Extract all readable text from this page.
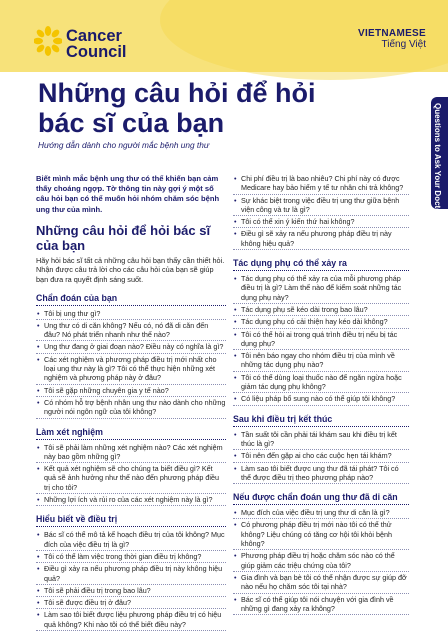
Cancer
Council
VIETNAMESE
Tiếng Việt
Questions to Ask Your Doctor
Những câu hỏi để hỏi bác sĩ của bạn
Hướng dẫn dành cho người mắc bệnh ung thư

Biết mình mắc bệnh ung thư có thể khiến bạn cảm thấy choáng ngợp. Tờ thông tin này gợi ý một số câu hỏi bạn có thể muốn hỏi nhóm chăm sóc bệnh ung thư của mình.

Những câu hỏi để hỏi bác sĩ của bạn

Hãy hỏi bác sĩ tất cả những câu hỏi bạn thấy cần thiết hỏi. Nhận được câu trả lời cho các câu hỏi của bạn sẽ giúp bạn đưa ra quyết định sáng suốt.

Chẩn đoán của bạn
• Tôi bị ung thư gì?
• Ung thư có di căn không? Nếu có, nó đã di căn đến đâu? Nó phát triển nhanh như thế nào?
• Ung thư đang ở giai đoạn nào? Điều này có nghĩa là gì?
• Các xét nghiệm và phương pháp điều trị mới nhất cho loại ung thư này là gì? Tôi có thể thực hiện những xét nghiệm và phương pháp này ở đâu?
• Tôi sẽ gặp những chuyên gia y tế nào?
• Có nhóm hỗ trợ bệnh nhân ung thư nào dành cho những người nói ngôn ngữ của tôi không?
Làm xét nghiệm
• Tôi sẽ phải làm những xét nghiệm nào? Các xét nghiệm này bao gồm những gì?
• Kết quả xét nghiệm sẽ cho chúng ta biết điều gì? Kết quả sẽ ảnh hưởng như thế nào đến phương pháp điều trị cho tôi?
• Những lợi ích và rủi ro của các xét nghiệm này là gì?
Hiểu biết về điều trị
• Bác sĩ có thể mô tả kế hoạch điều trị của tôi không? Mục đích của việc điều trị là gì?
• Tôi có thể làm việc trong thời gian điều trị không?
• Điều gì xảy ra nếu phương pháp điều trị này không hiệu quả?
• Tôi sẽ phải điều trị trong bao lâu?
• Tôi sẽ được điều trị ở đâu?
• Làm sao tôi biết được liệu phương pháp điều trị có hiệu quả không? Khi nào tôi có thể biết điều này?
• Chi phí điều trị là bao nhiêu? Chi phí này có được Medicare hay bảo hiểm y tế tư nhân chi trả không?
• Sự khác biệt trong việc điều trị ung thư giữa bệnh viện công và tư là gì?
• Tôi có thể xin ý kiến thứ hai không?
• Điều gì sẽ xảy ra nếu phương pháp điều trị này không hiệu quả?
Tác dụng phụ có thể xảy ra
• Tác dụng phụ có thể xảy ra của mỗi phương pháp điều trị là gì? Làm thế nào để kiểm soát những tác dụng phụ này?
• Tác dụng phụ sẽ kéo dài trong bao lâu?
• Tác dụng phụ có cải thiện hay kéo dài không?
• Tôi có thể hỏi ai trong quá trình điều trị nếu bị tác dụng phụ?
• Tôi nên báo ngay cho nhóm điều trị của mình về những tác dụng phụ nào?
• Tôi có thể dùng loại thuốc nào để ngăn ngừa hoặc giảm tác dụng phụ không?
• Có liệu pháp bổ sung nào có thể giúp tôi không?
Sau khi điều trị kết thúc
• Tần suất tôi cần phải tái khám sau khi điều trị kết thúc là gì?
• Tôi nên đến gặp ai cho các cuộc hẹn tái khám?
• Làm sao tôi biết được ung thư đã tái phát? Tôi có thể được điều trị theo phương pháp nào?
Nếu được chẩn đoán ung thư đã di căn
• Mục đích của việc điều trị ung thư di căn là gì?
• Có phương pháp điều trị mới nào tôi có thể thử không? Liệu chúng có tăng cơ hội tôi khỏi bệnh không?
• Phương pháp điều trị hoặc chăm sóc nào có thể giúp giảm các triệu chứng của tôi?
• Gia đình và bạn bè tôi có thể nhận được sự giúp đỡ nào nếu họ chăm sóc tôi tại nhà?
• Bác sĩ có thể giúp tôi nói chuyện với gia đình về những gì đang xảy ra không?
